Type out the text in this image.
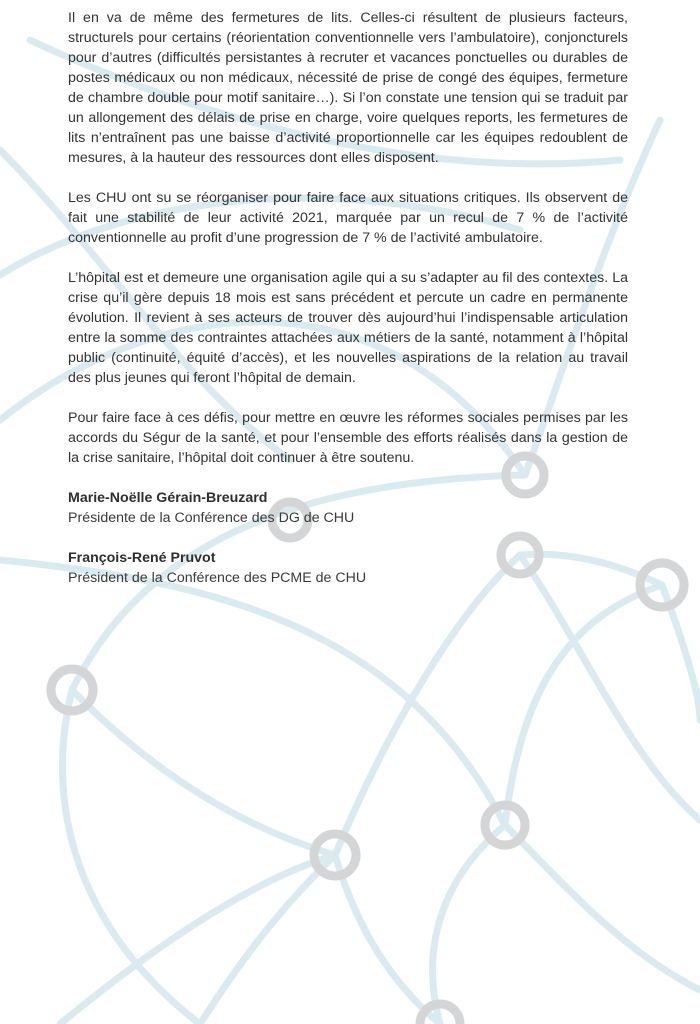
Il en va de même des fermetures de lits. Celles-ci résultent de plusieurs facteurs, structurels pour certains (réorientation conventionnelle vers l’ambulatoire), conjoncturels pour d’autres (difficultés persistantes à recruter et vacances ponctuelles ou durables de postes médicaux ou non médicaux, nécessité de prise de congé des équipes, fermeture de chambre double pour motif sanitaire…). Si l’on constate une tension qui se traduit par un allongement des délais de prise en charge, voire quelques reports, les fermetures de lits n’entraînent pas une baisse d’activité proportionnelle car les équipes redoublent de mesures, à la hauteur des ressources dont elles disposent.

Les CHU ont su se réorganiser pour faire face aux situations critiques. Ils observent de fait une stabilité de leur activité 2021, marquée par un recul de 7 % de l’activité conventionnelle au profit d’une progression de 7 % de l’activité ambulatoire.

L’hôpital est et demeure une organisation agile qui a su s’adapter au fil des contextes. La crise qu’il gère depuis 18 mois est sans précédent et percute un cadre en permanente évolution. Il revient à ses acteurs de trouver dès aujourd’hui l’indispensable articulation entre la somme des contraintes attachées aux métiers de la santé, notamment à l’hôpital public (continuité, équité d’accès), et les nouvelles aspirations de la relation au travail des plus jeunes qui feront l’hôpital de demain.

Pour faire face à ces défis, pour mettre en œuvre les réformes sociales permises par les accords du Ségur de la santé, et pour l’ensemble des efforts réalisés dans la gestion de la crise sanitaire, l’hôpital doit continuer à être soutenu.

Marie-Noëlle Gérain-Breuzard
Présidente de la Conférence des DG de CHU
François-René Pruvot
Président de la Conférence des PCME de CHU
